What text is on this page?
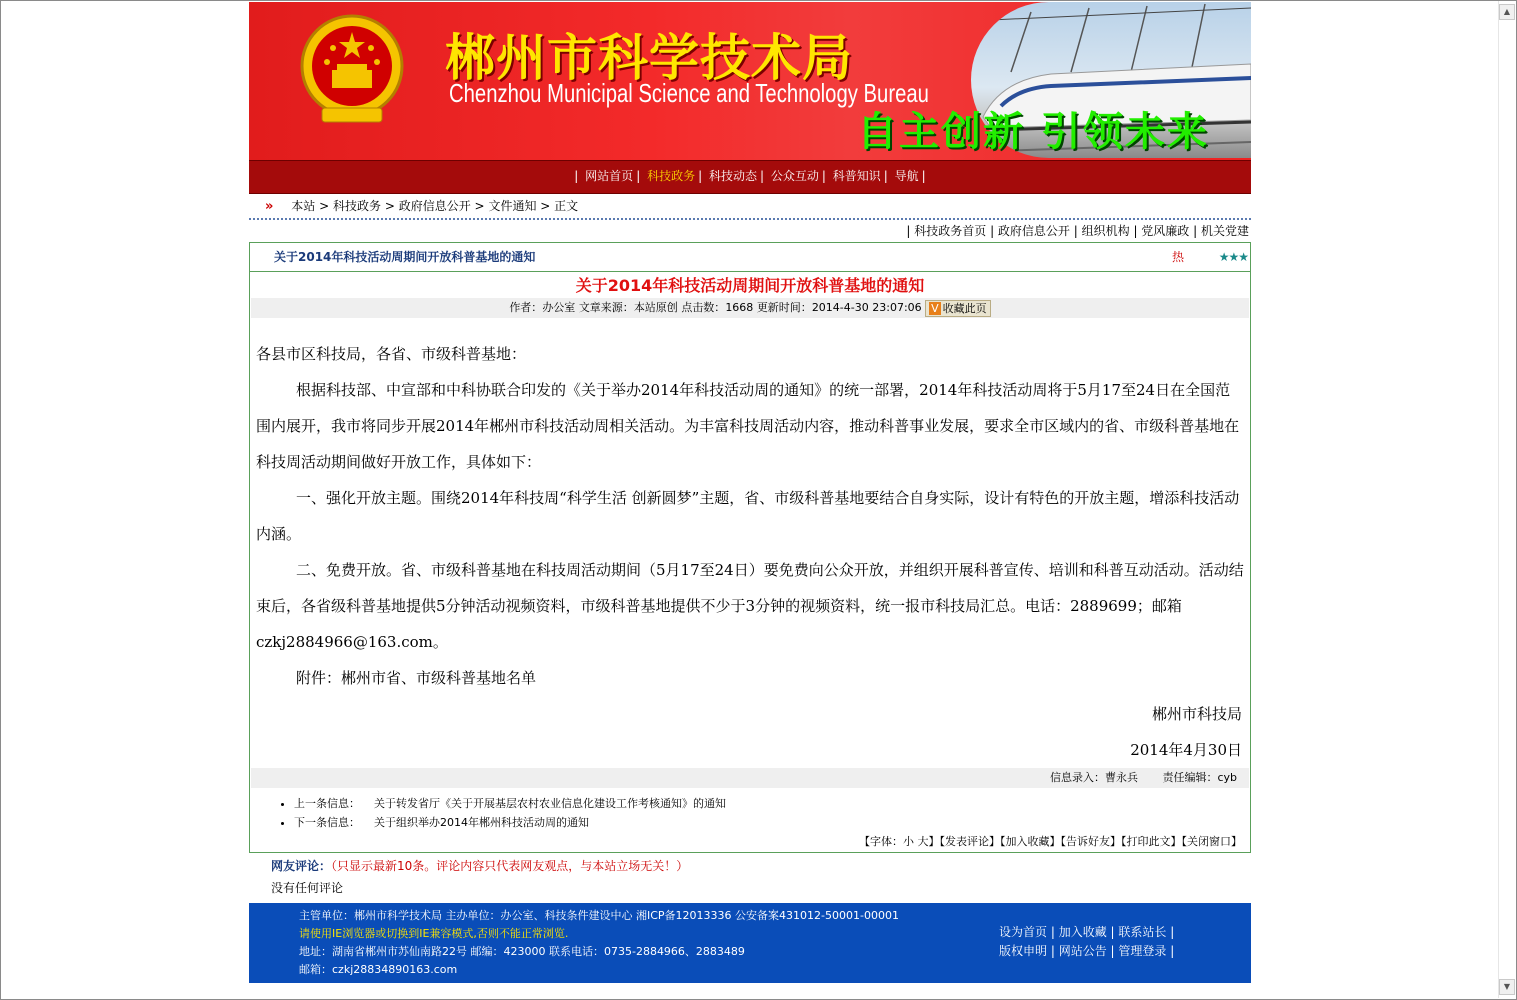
▲
▼
郴州市科学技术局
Chenzhou Municipal Science and Technology Bureau
自主创新 引领未来
| 网站首页 | 科技政务 | 科技动态 | 公众互动 | 科普知识 | 导航 |
» 本站 > 科技政务 > 政府信息公开 > 文件通知 > 正文
| 科技政务首页 | 政府信息公开 | 组织机构 | 党风廉政 | 机关党建
关于2014年科技活动周期间开放科普基地的通知	热	★★★
关于2014年科技活动周期间开放科普基地的通知
作者：办公室 文章来源：本站原创 点击数：1668 更新时间：2014-4-30 23:07:06 V 收藏此页

各县市区科技局，各省、市级科普基地：

根据科技部、中宣部和中科协联合印发的《关于举办2014年科技活动周的通知》的统一部署，2014年科技活动周将于5月17至24日在全国范围内展开，我市将同步开展2014年郴州市科技活动周相关活动。为丰富科技周活动内容，推动科普事业发展，要求全市区域内的省、市级科普基地在科技周活动期间做好开放工作，具体如下：

一、强化开放主题。围绕2014年科技周“科学生活 创新圆梦”主题，省、市级科普基地要结合自身实际，设计有特色的开放主题，增添科技活动内涵。

二、免费开放。省、市级科普基地在科技周活动期间（5月17至24日）要免费向公众开放，并组织开展科普宣传、培训和科普互动活动。活动结束后，各省级科普基地提供5分钟活动视频资料，市级科普基地提供不少于3分钟的视频资料，统一报市科技局汇总。电话：2889699；邮箱czkj2884966@163.com。

附件：郴州市省、市级科普基地名单

郴州市科技局

2014年4月30日

信息录入：曹永兵 责任编辑：cyb
• 上一条信息： 关于转发省厅《关于开展基层农村农业信息化建设工作考核通知》的通知
• 下一条信息： 关于组织举办2014年郴州科技活动周的通知
【字体：小 大】【发表评论】【加入收藏】【告诉好友】【打印此文】【关闭窗口】
网友评论：（只显示最新10条。评论内容只代表网友观点，与本站立场无关！）
没有任何评论
主管单位：郴州市科学技术局 主办单位：办公室、科技条件建设中心 湘ICP备12013336 公安备案431012-50001-00001
请使用IE浏览器或切换到IE兼容模式,否则不能正常浏览.
地址：湖南省郴州市苏仙南路22号 邮编：423000 联系电话：0735-2884966、2883489
邮箱：czkj28834890163.com
设为首页 | 加入收藏 | 联系站长 |
版权申明 | 网站公告 | 管理登录 |
